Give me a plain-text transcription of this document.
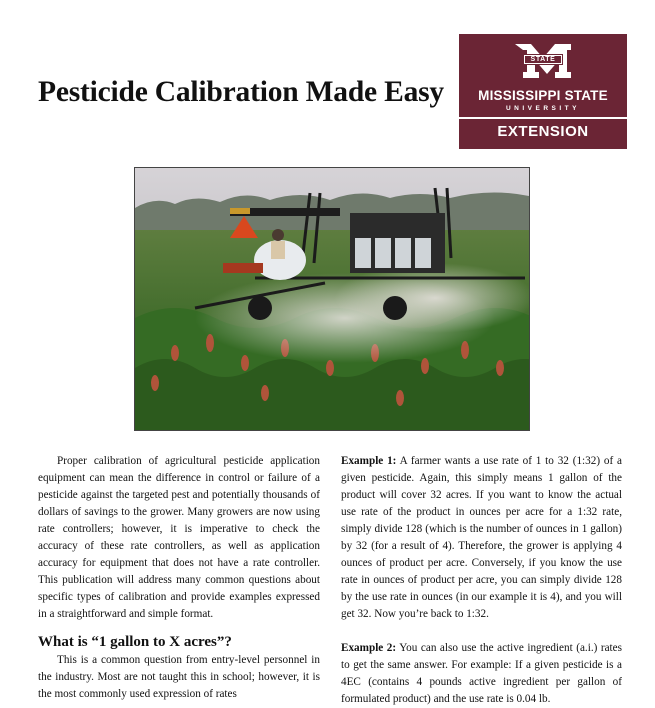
Pesticide Calibration Made Easy
STATE
MISSISSIPPI STATE
UNIVERSITY
EXTENSION

Proper calibration of agricultural pesticide application equipment can mean the difference in control or failure of a pesticide against the targeted pest and potentially thousands of dollars of savings to the grower. Many growers are now using rate controllers; however, it is imperative to check the accuracy of these rate controllers, as well as application accuracy for equipment that does not have a rate controller. This publication will address many common questions about specific types of calibration and provide examples expressed in a straightforward and simple format.

What is “1 gallon to X acres”?

This is a common question from entry-level personnel in the industry. Most are not taught this in school; however, it is the most commonly used expression of rates

Example 1: A farmer wants a use rate of 1 to 32 (1:32) of a given pesticide. Again, this simply means 1 gallon of the product will cover 32 acres. If you want to know the actual use rate of the product in ounces per acre for a 1:32 rate, simply divide 128 (which is the number of ounces in 1 gallon) by 32 (for a result of 4). Therefore, the grower is applying 4 ounces of product per acre. Conversely, if you know the use rate in ounces of product per acre, you can simply divide 128 by the use rate in ounces (in our example it is 4), and you will get 32. Now you’re back to 1:32.

Example 2: You can also use the active ingredient (a.i.) rates to get the same answer. For example: If a given pesticide is a 4EC (contains 4 pounds active ingredient per gallon of formulated product) and the use rate is 0.04 lb.
